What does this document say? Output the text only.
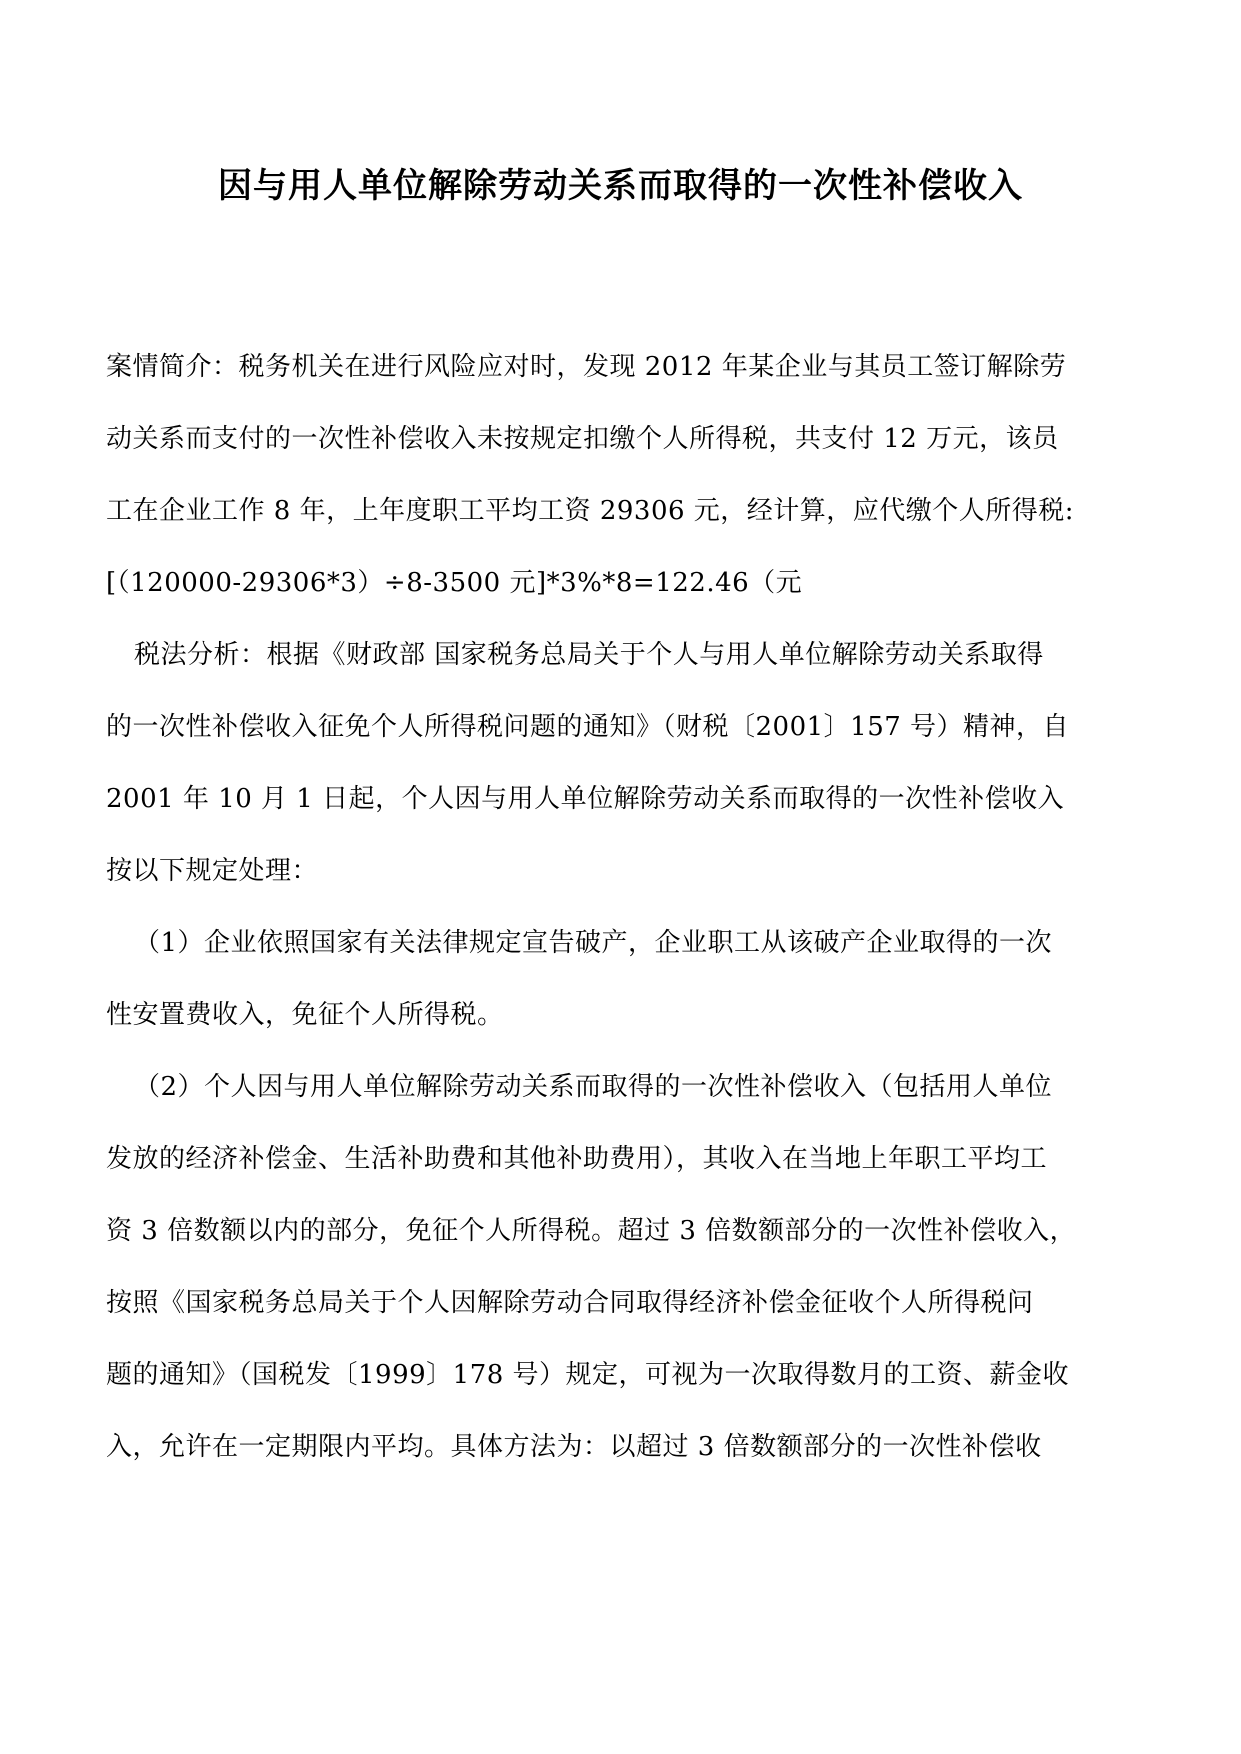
因与用人单位解除劳动关系而取得的一次性补偿收入
案情简介：税务机关在进行风险应对时，发现 2012 年某企业与其员工签订解除劳
动关系而支付的一次性补偿收入未按规定扣缴个人所得税，共支付 12 万元，该员
工在企业工作 8 年，上年度职工平均工资 29306 元，经计算，应代缴个人所得税:
[（120000-29306*3）÷8-3500 元]*3%*8=122.46（元
税法分析：根据《财政部 国家税务总局关于个人与用人单位解除劳动关系取得
的一次性补偿收入征免个人所得税问题的通知》（财税〔2001〕157 号）精神，自
2001 年 10 月 1 日起，个人因与用人单位解除劳动关系而取得的一次性补偿收入
按以下规定处理：
（1）企业依照国家有关法律规定宣告破产，企业职工从该破产企业取得的一次
性安置费收入，免征个人所得税。
（2）个人因与用人单位解除劳动关系而取得的一次性补偿收入（包括用人单位
发放的经济补偿金、生活补助费和其他补助费用），其收入在当地上年职工平均工
资 3 倍数额以内的部分，免征个人所得税。超过 3 倍数额部分的一次性补偿收入，
按照《国家税务总局关于个人因解除劳动合同取得经济补偿金征收个人所得税问
题的通知》（国税发〔1999〕178 号）规定，可视为一次取得数月的工资、薪金收
入，允许在一定期限内平均。具体方法为：以超过 3 倍数额部分的一次性补偿收
